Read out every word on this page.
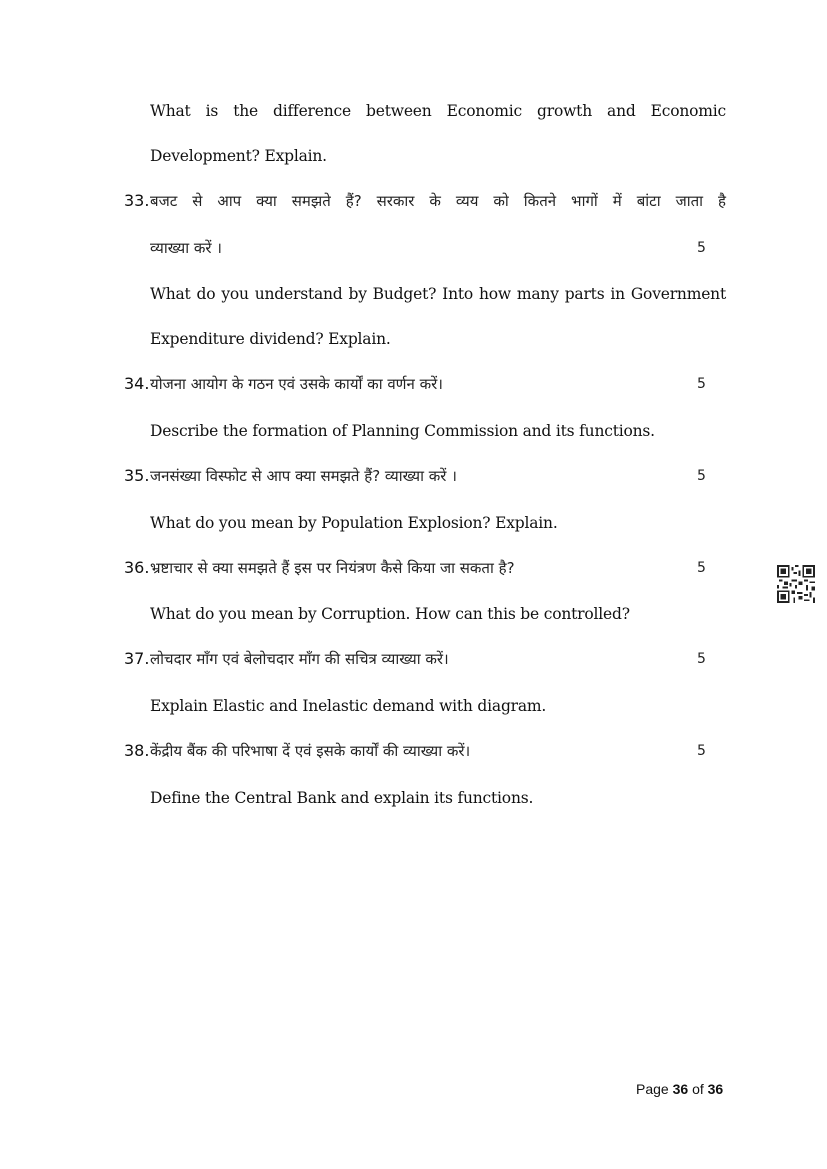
What is the difference between Economic growth and Economic
Development? Explain.
33. बजट से आप क्या समझते हैं? सरकार के व्यय को कितने भागों में बांटा जाता है
व्याख्या करें ।	5
What do you understand by Budget? Into how many parts in Government
Expenditure dividend? Explain.
34. योजना आयोग के गठन एवं उसके कार्यों का वर्णन करें।	5
Describe the formation of Planning Commission and its functions.
35. जनसंख्या विस्फोट से आप क्या समझते हैं? व्याख्या करें ।	5
What do you mean by Population Explosion? Explain.
36. भ्रष्टाचार से क्या समझते हैं इस पर नियंत्रण कैसे किया जा सकता है?	5
What do you mean by Corruption. How can this be controlled?
37. लोचदार माँग एवं बेलोचदार माँग की सचित्र व्याख्या करें।	5
Explain Elastic and Inelastic demand with diagram.
38. केंद्रीय बैंक की परिभाषा दें एवं इसके कार्यों की व्याख्या करें।	5
Define the Central Bank and explain its functions.
Page 36 of 36
